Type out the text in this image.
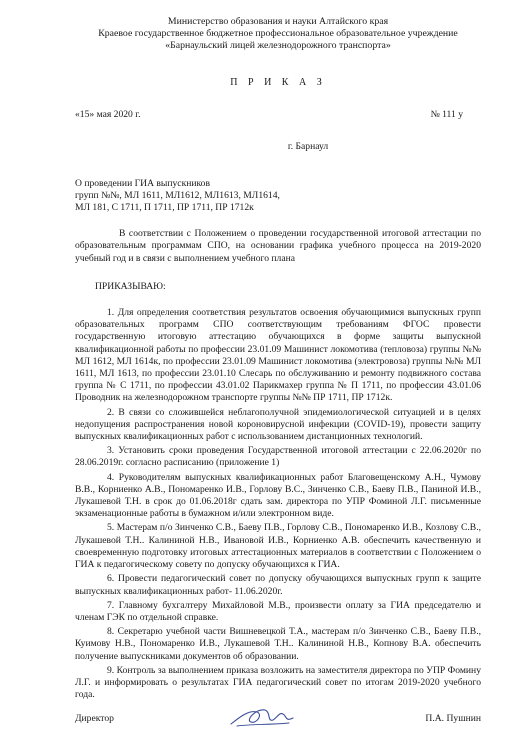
Министерство образования и науки Алтайского края
Краевое государственное бюджетное профессиональное образовательное учреждение
«Барнаульский лицей железнодорожного транспорта»
П Р И К А З
«15» мая 2020 г.	№ 111 у
г. Барнаул
О проведении ГИА выпускников
групп №№, МЛ 1611, МЛ1612, МЛ1613, МЛ1614,
МЛ 181, С 1711, П 1711, ПР 1711, ПР 1712к

В соответствии с Положением о проведении государственной итоговой аттестации по образовательным программам СПО, на основании графика учебного процесса на 2019-2020 учебный год и в связи с выполнением учебного плана

ПРИКАЗЫВАЮ:

1. Для определения соответствия результатов освоения обучающимися выпускных групп образовательных программ СПО соответствующим требованиям ФГОС провести государственную итоговую аттестацию обучающихся в форме защиты выпускной квалификационной работы по профессии 23.01.09 Машинист локомотива (тепловоза) группы №№ МЛ 1612, МЛ 1614к, по профессии 23.01.09 Машинист локомотива (электровоза) группы №№ МЛ 1611, МЛ 1613, по профессии 23.01.10 Слесарь по обслуживанию и ремонту подвижного состава группа № С 1711, по профессии 43.01.02 Парикмахер группа № П 1711, по профессии 43.01.06 Проводник на железнодорожном транспорте группы №№ ПР 1711, ПР 1712к.

2. В связи со сложившейся неблагополучной эпидемиологической ситуацией и в целях недопущения распространения новой короновирусной инфекции (COVID-19), провести защиту выпускных квалификационных работ с использованием дистанционных технологий.

3. Установить сроки проведения Государственной итоговой аттестации с 22.06.2020г по 28.06.2019г. согласно расписанию (приложение 1)

4. Руководителям выпускных квалификационных работ Благовещенскому А.Н., Чумову В.В., Корниенко А.В., Пономаренко И.В., Горлову В.С., Зинченко С.В., Баеву П.В., Паниной И.В., Лукашевой Т.Н. в срок до 01.06.2018г сдать зам. директора по УПР Фоминой Л.Г. письменные экзаменационные работы в бумажном и/или электронном виде.

5. Мастерам п/о Зинченко С.В., Баеву П.В., Горлову С.В., Пономаренко И.В., Козлову С.В., Лукашевой Т.Н.. Калининой Н.В., Ивановой И.В., Корниенко А.В. обеспечить качественную и своевременную подготовку итоговых аттестационных материалов в соответствии с Положением о ГИА к педагогическому совету по допуску обучающихся к ГИА.

6. Провести педагогический совет по допуску обучающихся выпускных групп к защите выпускных квалификационных работ- 11.06.2020г.

7. Главному бухгалтеру Михайловой М.В., произвести оплату за ГИА председателю и членам ГЭК по отдельной справке.

8. Секретарю учебной части Вишневецкой Т.А., мастерам п/о Зинченко С.В., Баеву П.В., Куимову Н.В., Пономаренко И.В., Лукашевой Т.Н.. Калининой Н.В., Копнову В.А. обеспечить получение выпускниками документов об образовании.

9. Контроль за выполнением приказа возложить на заместителя директора по УПР Фомину Л.Г. и информировать о результатах ГИА педагогический совет по итогам 2019-2020 учебного года.

Директор	П.А. Пушнин
